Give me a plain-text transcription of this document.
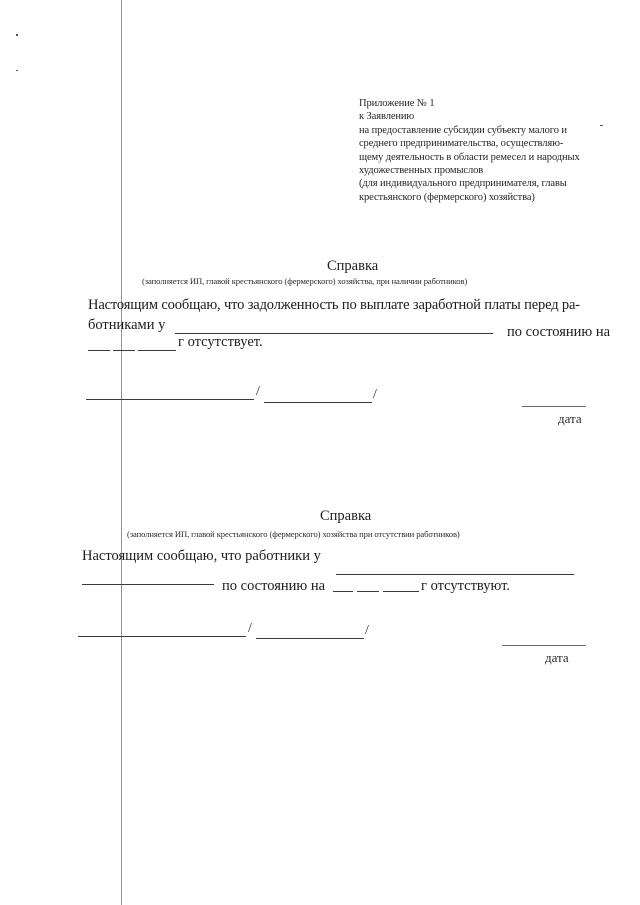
Приложение № 1
к Заявлению
на предоставление субсидии субъекту малого и
среднего предпринимательства, осуществляю-
щему деятельность в области ремесел и народных
художественных промыслов
(для индивидуального предпринимателя, главы
крестьянского (фермерского) хозяйства)
Справка
(заполняется ИП, главой крестьянского (фермерского) хозяйства, при наличии работников)
Настоящим сообщаю, что задолженность по выплате заработной платы перед ра-
ботниками у	по состоянию на
г отсутствует.
/	/
дата
Справка
(заполняется ИП, главой крестьянского (фермерского) хозяйства при отсутствии работников)
Настоящим сообщаю, что работники у
по состоянию на	г отсутствуют.
/	/
дата
